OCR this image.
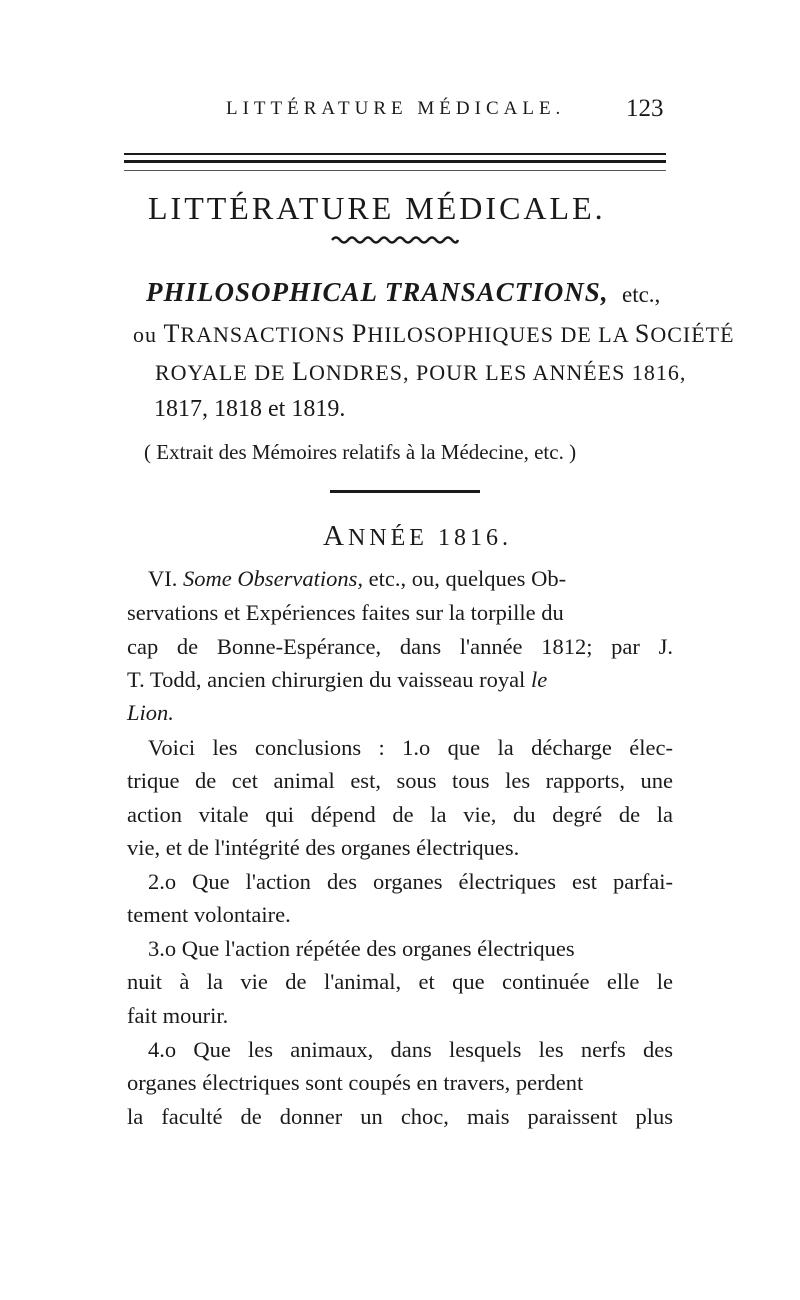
LITTÉRATURE MÉDICALE. 123
LITTÉRATURE MÉDICALE.
PHILOSOPHICAL TRANSACTIONS, etc.,
ou TRANSACTIONS PHILOSOPHIQUES DE LA SOCIÉTÉ
ROYALE DE LONDRES, POUR LES ANNÉES 1816,
1817, 1818 et 1819.
( Extrait des Mémoires relatifs à la Médecine, etc. )
ANNÉE 1816.
VI. Some Observations, etc., ou, quelques Ob-
servations et Expériences faites sur la torpille du
cap de Bonne-Espérance, dans l'année 1812; par J.
T. Todd, ancien chirurgien du vaisseau royal le
Lion.
Voici les conclusions : 1.o que la décharge élec-
trique de cet animal est, sous tous les rapports, une
action vitale qui dépend de la vie, du degré de la
vie, et de l'intégrité des organes électriques.
2.o Que l'action des organes électriques est parfai-
tement volontaire.
3.o Que l'action répétée des organes électriques
nuit à la vie de l'animal, et que continuée elle le
fait mourir.
4.o Que les animaux, dans lesquels les nerfs des
organes électriques sont coupés en travers, perdent
la faculté de donner un choc, mais paraissent plus
